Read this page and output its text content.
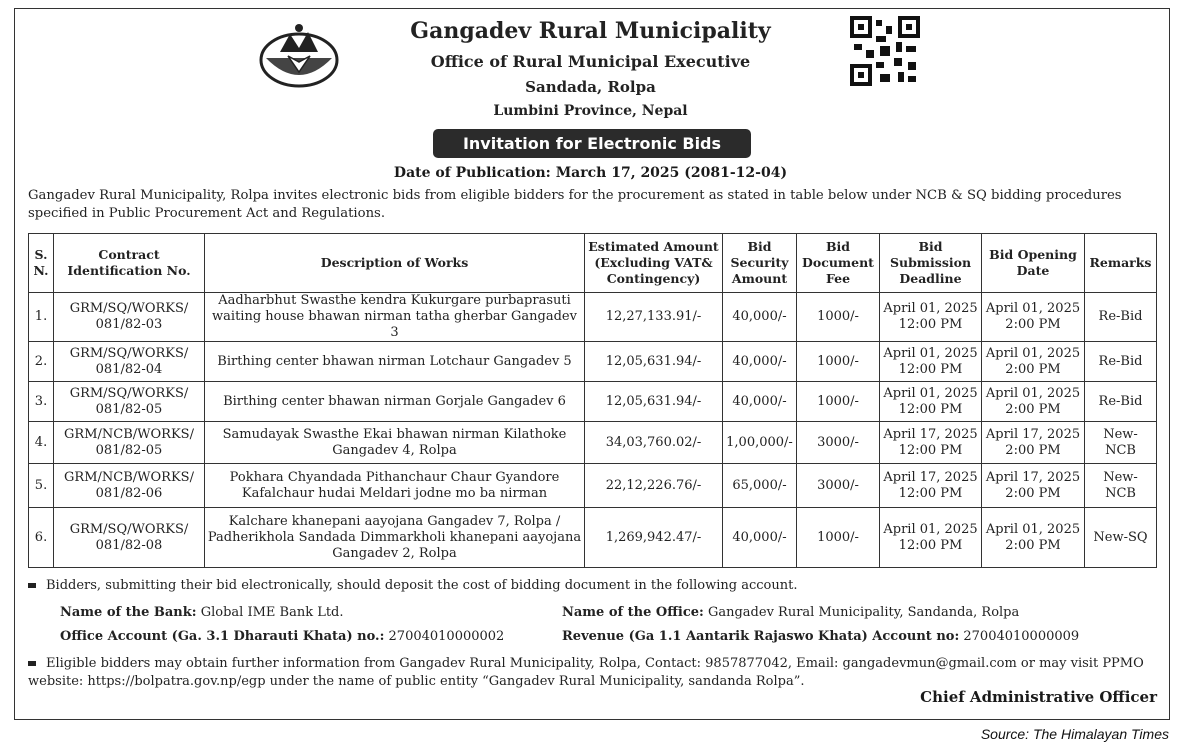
Gangadev Rural Municipality
Office of Rural Municipal Executive
Sandada, Rolpa
Lumbini Province, Nepal
Invitation for Electronic Bids
Date of Publication: March 17, 2025 (2081-12-04)
Gangadev Rural Municipality, Rolpa invites electronic bids from eligible bidders for the procurement as stated in table below under NCB & SQ bidding procedures specified in Public Procurement Act and Regulations.
S. N.	Contract Identification No.	Description of Works	Estimated Amount (Excluding VAT& Contingency)	Bid Security Amount	Bid Document Fee	Bid Submission Deadline	Bid Opening Date	Remarks
1.	GRM/SQ/WORKS/ 081/82-03	Aadharbhut Swasthe kendra Kukurgare purbaprasuti waiting house bhawan nirman tatha gherbar Gangadev 3	12,27,133.91/-	40,000/-	1000/-	April 01, 2025 12:00 PM	April 01, 2025 2:00 PM	Re-Bid
2.	GRM/SQ/WORKS/ 081/82-04	Birthing center bhawan nirman Lotchaur Gangadev 5	12,05,631.94/-	40,000/-	1000/-	April 01, 2025 12:00 PM	April 01, 2025 2:00 PM	Re-Bid
3.	GRM/SQ/WORKS/ 081/82-05	Birthing center bhawan nirman Gorjale Gangadev 6	12,05,631.94/-	40,000/-	1000/-	April 01, 2025 12:00 PM	April 01, 2025 2:00 PM	Re-Bid
4.	GRM/NCB/WORKS/ 081/82-05	Samudayak Swasthe Ekai bhawan nirman Kilathoke Gangadev 4, Rolpa	34,03,760.02/-	1,00,000/-	3000/-	April 17, 2025 12:00 PM	April 17, 2025 2:00 PM	New- NCB
5.	GRM/NCB/WORKS/ 081/82-06	Pokhara Chyandada Pithanchaur Chaur Gyandore Kafalchaur hudai Meldari jodne mo ba nirman	22,12,226.76/-	65,000/-	3000/-	April 17, 2025 12:00 PM	April 17, 2025 2:00 PM	New- NCB
6.	GRM/SQ/WORKS/ 081/82-08	Kalchare khanepani aayojana Gangadev 7, Rolpa / Padherikhola Sandada Dimmarkholi khanepani aayojana Gangadev 2, Rolpa	1,269,942.47/-	40,000/-	1000/-	April 01, 2025 12:00 PM	April 01, 2025 2:00 PM	New-SQ
Bidders, submitting their bid electronically, should deposit the cost of bidding document in the following account.
Name of the Bank: Global IME Bank Ltd.	Name of the Office: Gangadev Rural Municipality, Sandanda, Rolpa
Office Account (Ga. 3.1 Dharauti Khata) no.: 27004010000002	Revenue (Ga 1.1 Aantarik Rajaswo Khata) Account no: 27004010000009
Eligible bidders may obtain further information from Gangadev Rural Municipality, Rolpa, Contact: 9857877042, Email: gangadevmun@gmail.com or may visit PPMO website: https://bolpatra.gov.np/egp under the name of public entity “Gangadev Rural Municipality, sandanda Rolpa”.
Chief Administrative Officer
Source: The Himalayan Times
